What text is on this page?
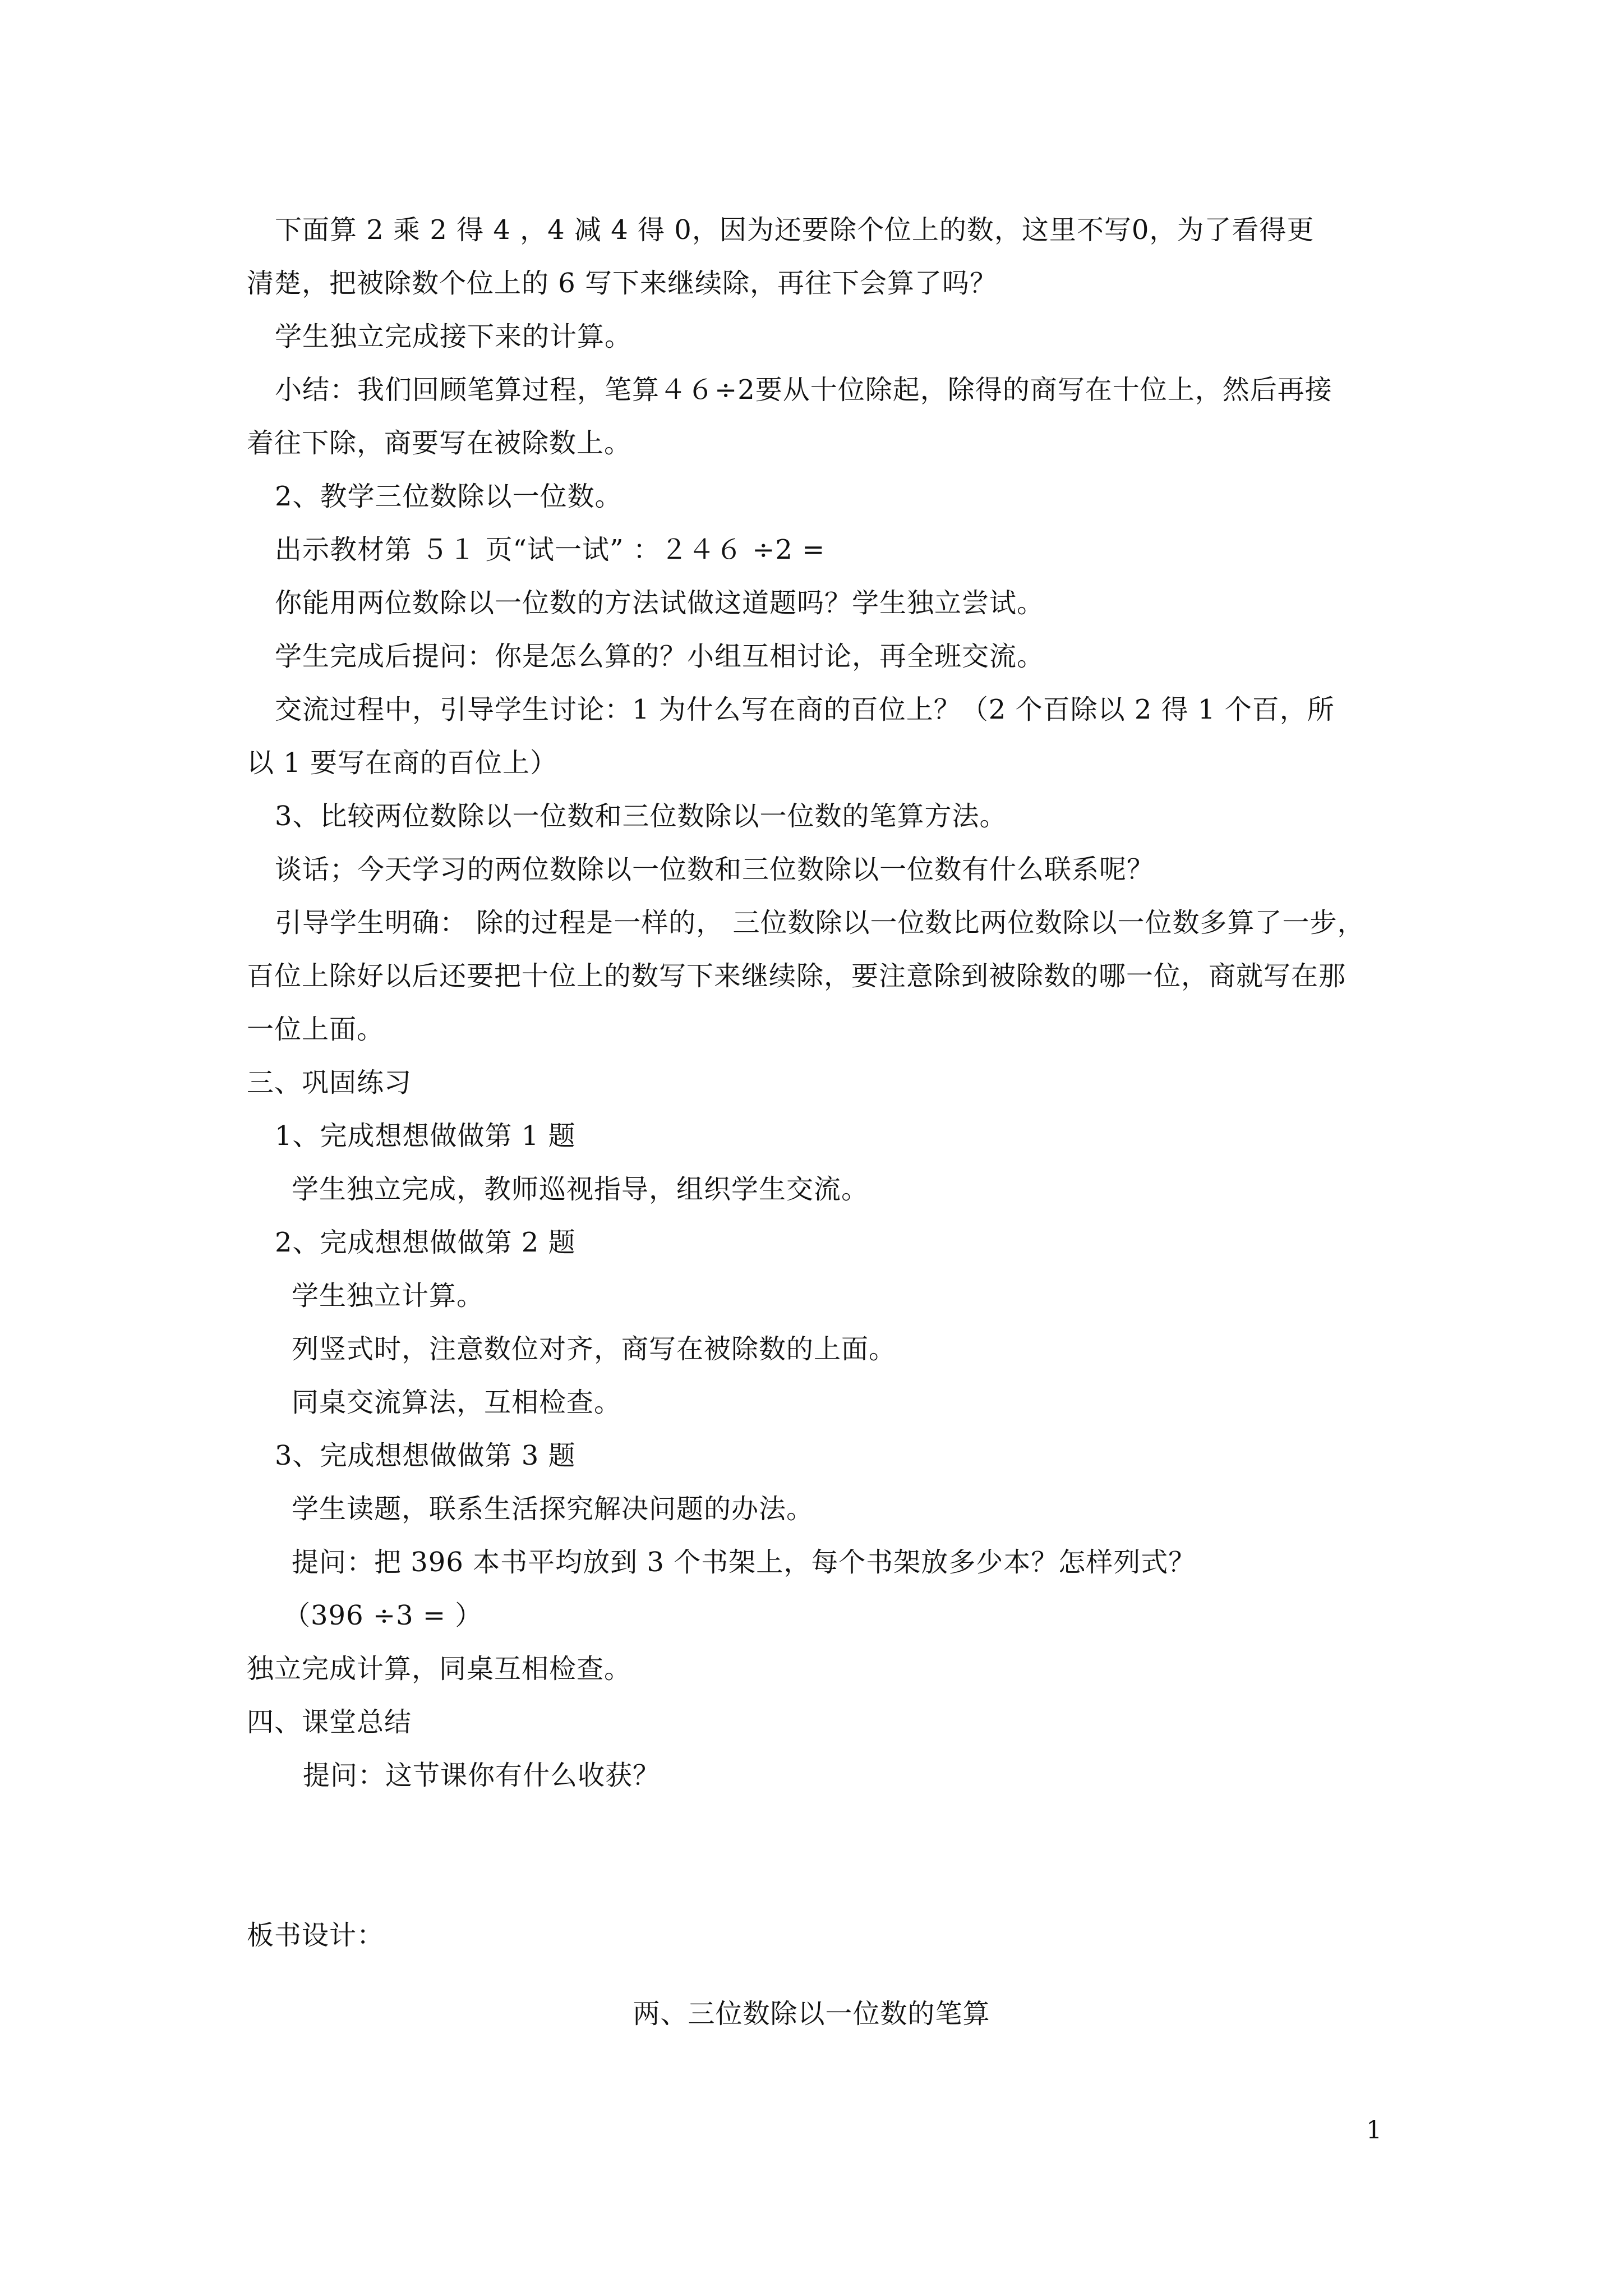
下面算 2 乘 2 得 4 ，4 减 4 得 0，因为还要除个位上的数，这里不写0，为了看得更
清楚，把被除数个位上的 6 写下来继续除，再往下会算了吗？
学生独立完成接下来的计算。
小结：我们回顾笔算过程，笔算４６÷2要从十位除起，除得的商写在十位上，然后再接
着往下除，商要写在被除数上。
2、教学三位数除以一位数。
出示教材第 ５１ 页“试一试” ：２４６ ÷2 =
你能用两位数除以一位数的方法试做这道题吗？学生独立尝试。
学生完成后提问：你是怎么算的？小组互相讨论，再全班交流。
交流过程中，引导学生讨论：1 为什么写在商的百位上？（2 个百除以 2 得 1 个百，所
以 1 要写在商的百位上）
3、比较两位数除以一位数和三位数除以一位数的笔算方法。
谈话；今天学习的两位数除以一位数和三位数除以一位数有什么联系呢？
引导学生明确： 除的过程是一样的， 三位数除以一位数比两位数除以一位数多算了一步，
百位上除好以后还要把十位上的数写下来继续除，要注意除到被除数的哪一位，商就写在那
一位上面。
三、巩固练习
1、完成想想做做第 1 题
学生独立完成，教师巡视指导，组织学生交流。
2、完成想想做做第 2 题
学生独立计算。
列竖式时，注意数位对齐，商写在被除数的上面。
同桌交流算法，互相检查。
3、完成想想做做第 3 题
学生读题，联系生活探究解决问题的办法。
提问：把 396 本书平均放到 3 个书架上，每个书架放多少本？怎样列式？
（396 ÷3 = ）
独立完成计算，同桌互相检查。
四、课堂总结
提问：这节课你有什么收获？
板书设计：
两、三位数除以一位数的笔算
1
